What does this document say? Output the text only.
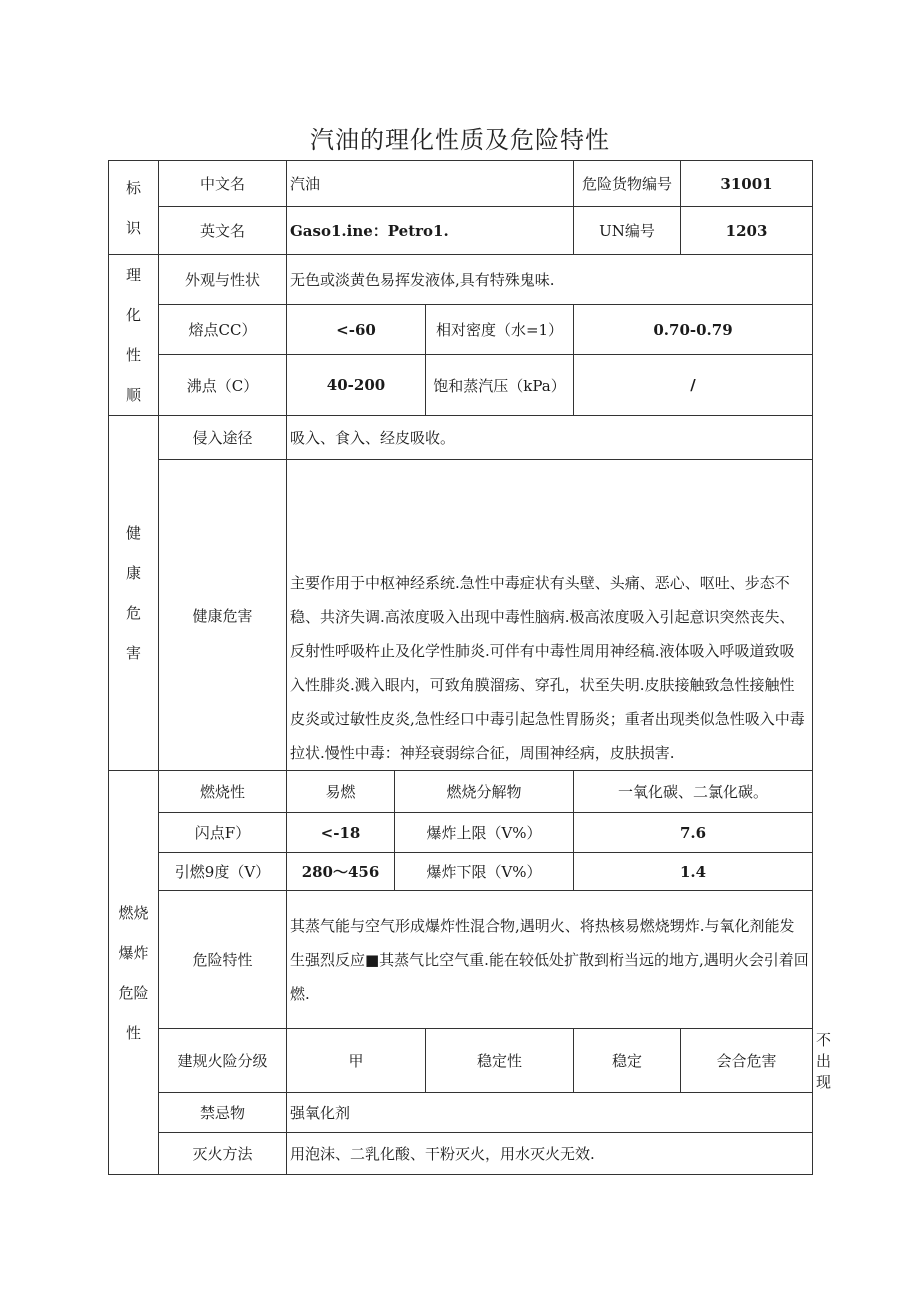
汽油的理化性质及危险特性
标
识	中文名	汽油			危险货物编号	31001	
	英文名	Gaso1.ine：Petro1.			UN编号	1203	

理
化
性
顺	外观与性状	无色或淡黄色易挥发液体,具有特殊鬼味.					
	熔点CC）	<-60		相对密度（水=1）	0.70-0.79		
	沸点（C）	40-200		饱和蒸汽压（kPa）	/		

健
康
危
害	侵入途径	吸入、食入、经皮吸收。					
	健康危害	主要作用于中枢神经系统.急性中毒症状有头壁、头痛、恶心、呕吐、步态不稳、共济失调.高浓度吸入出现中毒性脑病.极高浓度吸入引起意识突然丧失、反射性呼吸杵止及化学性肺炎.可伴有中毒性周用神经稿.液体吸入呼吸道致吸入性腓炎.溅入眼内，可致角膜溜疡、穿孔，状至失明.皮肤接触致急性接触性皮炎或过敏性皮炎,急性经口中毒引起急性胃肠炎；重者出现类似急性吸入中毒拉状.慢性中毒：神羟衰弱综合征，周围神经病，皮肤损害.					

燃烧
爆炸
危险
性	燃烧性	易燃	燃烧分解物		一氧化碳、二氯化碳。		
	闪点F）	<-18	爆炸上限（V%）		7.6		
	引燃9度（V）	280～456	爆炸下限（V%）		1.4		
	危险特性	其蒸气能与空气形成爆炸性混合物,遇明火、将热核易燃烧甥炸.与氧化剂能发生强烈反应■其蒸气比空气重.能在较低处扩散到桁当远的地方,遇明火会引着回燃.					
	建规火险分级	甲		稳定性	稳定	会合危害	不出现
	禁忌物	强氧化剂					
	灭火方法	用泡沫、二乳化酸、干粉灭火，用水灭火无效.					
